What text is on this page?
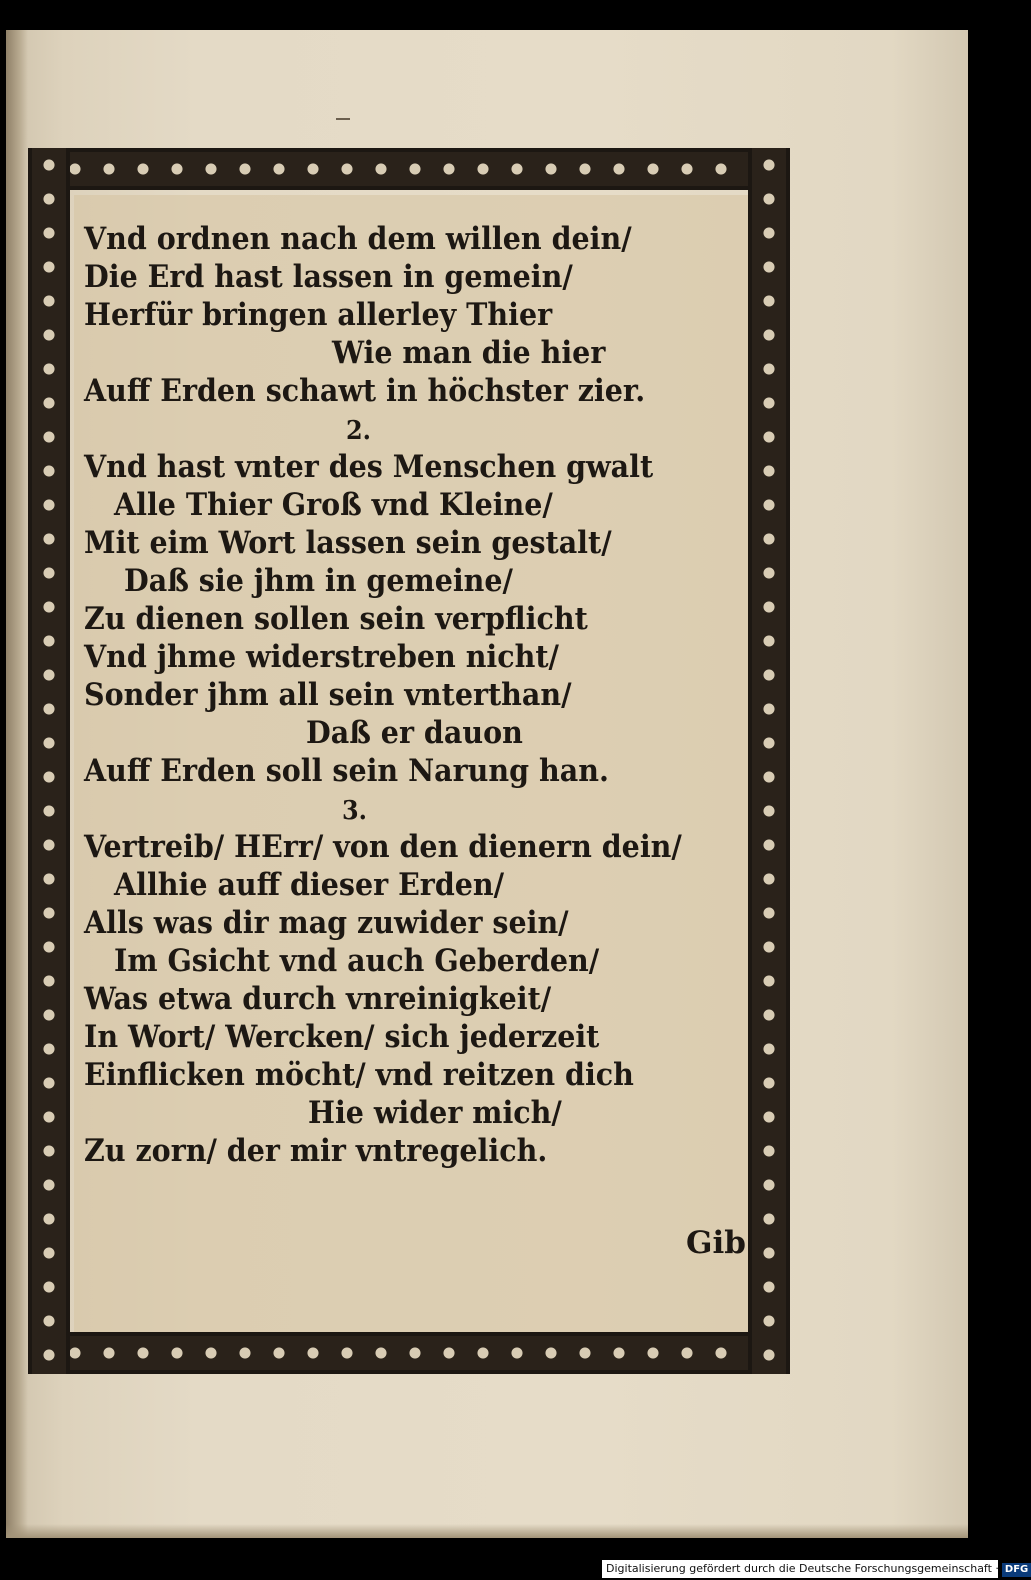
Vnd ordnen nach dem willen dein/
Die Erd hast lassen in gemein/
Herfür bringen allerley Thier
Wie man die hier
Auff Erden schawt in höchster zier.
2.
Vnd hast vnter des Menschen gwalt
Alle Thier Groß vnd Kleine/
Mit eim Wort lassen sein gestalt/
Daß sie jhm in gemeine/
Zu dienen sollen sein verpflicht
Vnd jhme widerstreben nicht/
Sonder jhm all sein vnterthan/
Daß er dauon
Auff Erden soll sein Narung han.
3.
Vertreib/ HErr/ von den dienern dein/
Allhie auff dieser Erden/
Alls was dir mag zuwider sein/
Im Gsicht vnd auch Geberden/
Was etwa durch vnreinigkeit/
In Wort/ Wercken/ sich jederzeit
Einflicken möcht/ vnd reitzen dich
Hie wider mich/
Zu zorn/ der mir vntregelich.
Gib
Digitalisierung gefördert durch die Deutsche Forschungsgemeinschaft · DFG
